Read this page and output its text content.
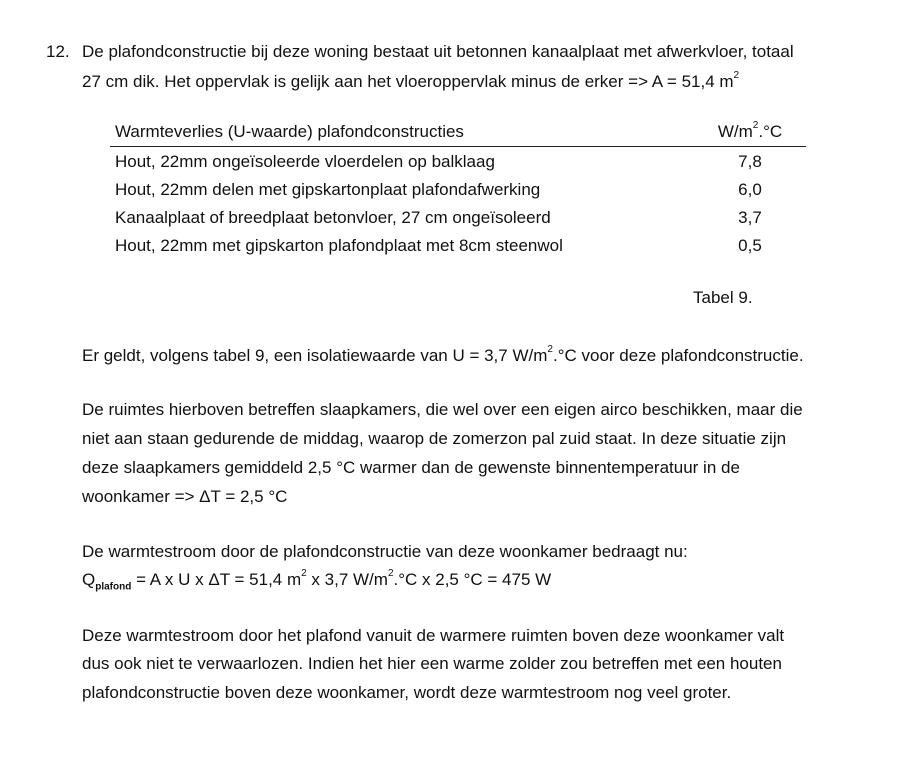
12. De plafondconstructie bij deze woning bestaat uit betonnen kanaalplaat met afwerkvloer, totaal
27 cm dik. Het oppervlak is gelijk aan het vloeroppervlak minus de erker => A = 51,4 $m^2$
Warmteverlies (U-waarde) plafondconstructies	$W/m^2.^\circ C$
Hout, 22mm ongeïsoleerde vloerdelen op balklaag	7,8
Hout, 22mm delen met gipskartonplaat plafondafwerking	6,0
Kanaalplaat of breedplaat betonvloer, 27 cm ongeïsoleerd	3,7
Hout, 22mm met gipskarton plafondplaat met 8cm steenwol	0,5
Tabel 9.
Er geldt, volgens tabel 9, een isolatiewaarde van U = 3,7 $W/m^2.^\circ C$ voor deze plafondconstructie.
De ruimtes hierboven betreffen slaapkamers, die wel over een eigen airco beschikken, maar die
niet aan staan gedurende de middag, waarop de zomerzon pal zuid staat. In deze situatie zijn
deze slaapkamers gemiddeld 2,5 °C warmer dan de gewenste binnentemperatuur in de
woonkamer => ΔT = 2,5 °C
De warmtestroom door de plafondconstructie van deze woonkamer bedraagt nu:
$Q_{plafond} = A$ x U x ΔT = 51,4 $m^2$ x 3,7 $W/m^2.^\circ C$ x 2,5 °C = 475 W
Deze warmtestroom door het plafond vanuit de warmere ruimten boven deze woonkamer valt
dus ook niet te verwaarlozen. Indien het hier een warme zolder zou betreffen met een houten
plafondconstructie boven deze woonkamer, wordt deze warmtestroom nog veel groter.
